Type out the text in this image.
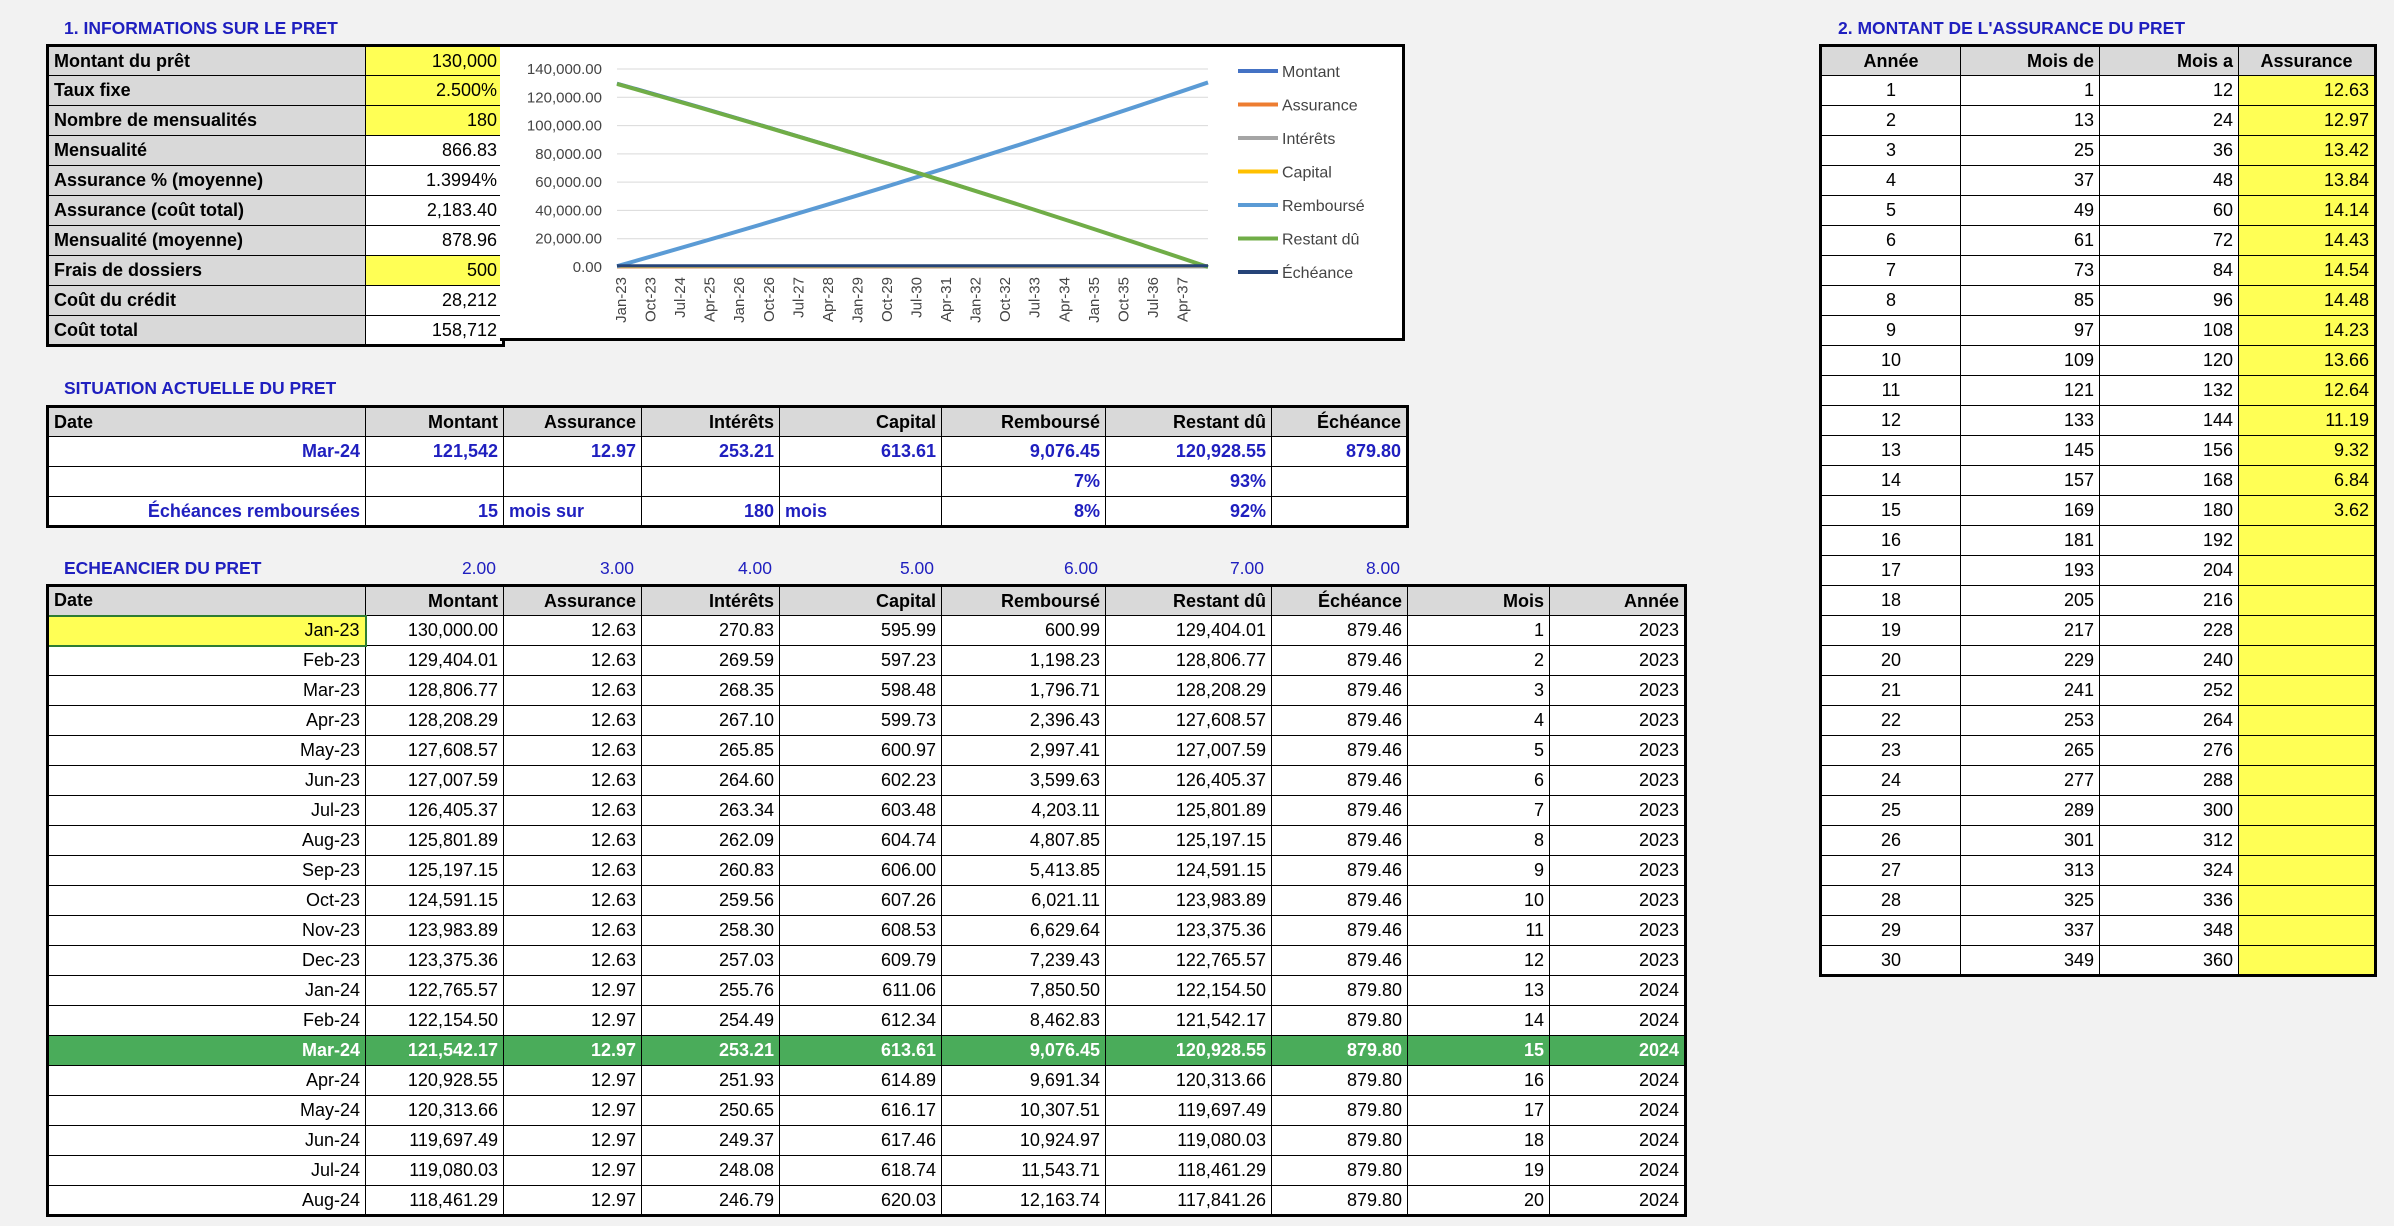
1. INFORMATIONS SUR LE PRET
Montant du prêt	130,000
Taux fixe	2.500%
Nombre de mensualités	180
Mensualité	866.83
Assurance % (moyenne)	1.3994%
Assurance (coût total)	2,183.40
Mensualité (moyenne)	878.96
Frais de dossiers	500
Coût du crédit	28,212
Coût total	158,712
140,000.00
120,000.00
100,000.00
80,000.00
60,000.00
40,000.00
20,000.00
0.00
Jan-23 Oct-23 Jul-24 Apr-25 Jan-26 Oct-26 Jul-27 Apr-28 Jan-29 Oct-29 Jul-30 Apr-31 Jan-32 Oct-32 Jul-33 Apr-34 Jan-35 Oct-35 Jul-36 Apr-37
Montant
Assurance
Intérêts
Capital
Remboursé
Restant dû
Échéance
SITUATION ACTUELLE DU PRET
Date	Montant	Assurance	Intérêts	Capital	Remboursé	Restant dû	Échéance
Mar-24	121,542	12.97	253.21	613.61	9,076.45	120,928.55	879.80
					7%	93%	
Échéances remboursées	15	mois sur	180	mois	8%	92%	
ECHEANCIER DU PRET	2.00	3.00	4.00	5.00	6.00	7.00	8.00
Date	Montant	Assurance	Intérêts	Capital	Remboursé	Restant dû	Échéance	Mois	Année
Jan-23	130,000.00	12.63	270.83	595.99	600.99	129,404.01	879.46	1	2023
Feb-23	129,404.01	12.63	269.59	597.23	1,198.23	128,806.77	879.46	2	2023
Mar-23	128,806.77	12.63	268.35	598.48	1,796.71	128,208.29	879.46	3	2023
Apr-23	128,208.29	12.63	267.10	599.73	2,396.43	127,608.57	879.46	4	2023
May-23	127,608.57	12.63	265.85	600.97	2,997.41	127,007.59	879.46	5	2023
Jun-23	127,007.59	12.63	264.60	602.23	3,599.63	126,405.37	879.46	6	2023
Jul-23	126,405.37	12.63	263.34	603.48	4,203.11	125,801.89	879.46	7	2023
Aug-23	125,801.89	12.63	262.09	604.74	4,807.85	125,197.15	879.46	8	2023
Sep-23	125,197.15	12.63	260.83	606.00	5,413.85	124,591.15	879.46	9	2023
Oct-23	124,591.15	12.63	259.56	607.26	6,021.11	123,983.89	879.46	10	2023
Nov-23	123,983.89	12.63	258.30	608.53	6,629.64	123,375.36	879.46	11	2023
Dec-23	123,375.36	12.63	257.03	609.79	7,239.43	122,765.57	879.46	12	2023
Jan-24	122,765.57	12.97	255.76	611.06	7,850.50	122,154.50	879.80	13	2024
Feb-24	122,154.50	12.97	254.49	612.34	8,462.83	121,542.17	879.80	14	2024
Mar-24	121,542.17	12.97	253.21	613.61	9,076.45	120,928.55	879.80	15	2024
Apr-24	120,928.55	12.97	251.93	614.89	9,691.34	120,313.66	879.80	16	2024
May-24	120,313.66	12.97	250.65	616.17	10,307.51	119,697.49	879.80	17	2024
Jun-24	119,697.49	12.97	249.37	617.46	10,924.97	119,080.03	879.80	18	2024
Jul-24	119,080.03	12.97	248.08	618.74	11,543.71	118,461.29	879.80	19	2024
Aug-24	118,461.29	12.97	246.79	620.03	12,163.74	117,841.26	879.80	20	2024
2. MONTANT DE L'ASSURANCE DU PRET
Année	Mois de	Mois a	Assurance
1	1	12	12.63
2	13	24	12.97
3	25	36	13.42
4	37	48	13.84
5	49	60	14.14
6	61	72	14.43
7	73	84	14.54
8	85	96	14.48
9	97	108	14.23
10	109	120	13.66
11	121	132	12.64
12	133	144	11.19
13	145	156	9.32
14	157	168	6.84
15	169	180	3.62
16	181	192	
17	193	204	
18	205	216	
19	217	228	
20	229	240	
21	241	252	
22	253	264	
23	265	276	
24	277	288	
25	289	300	
26	301	312	
27	313	324	
28	325	336	
29	337	348	
30	349	360	
